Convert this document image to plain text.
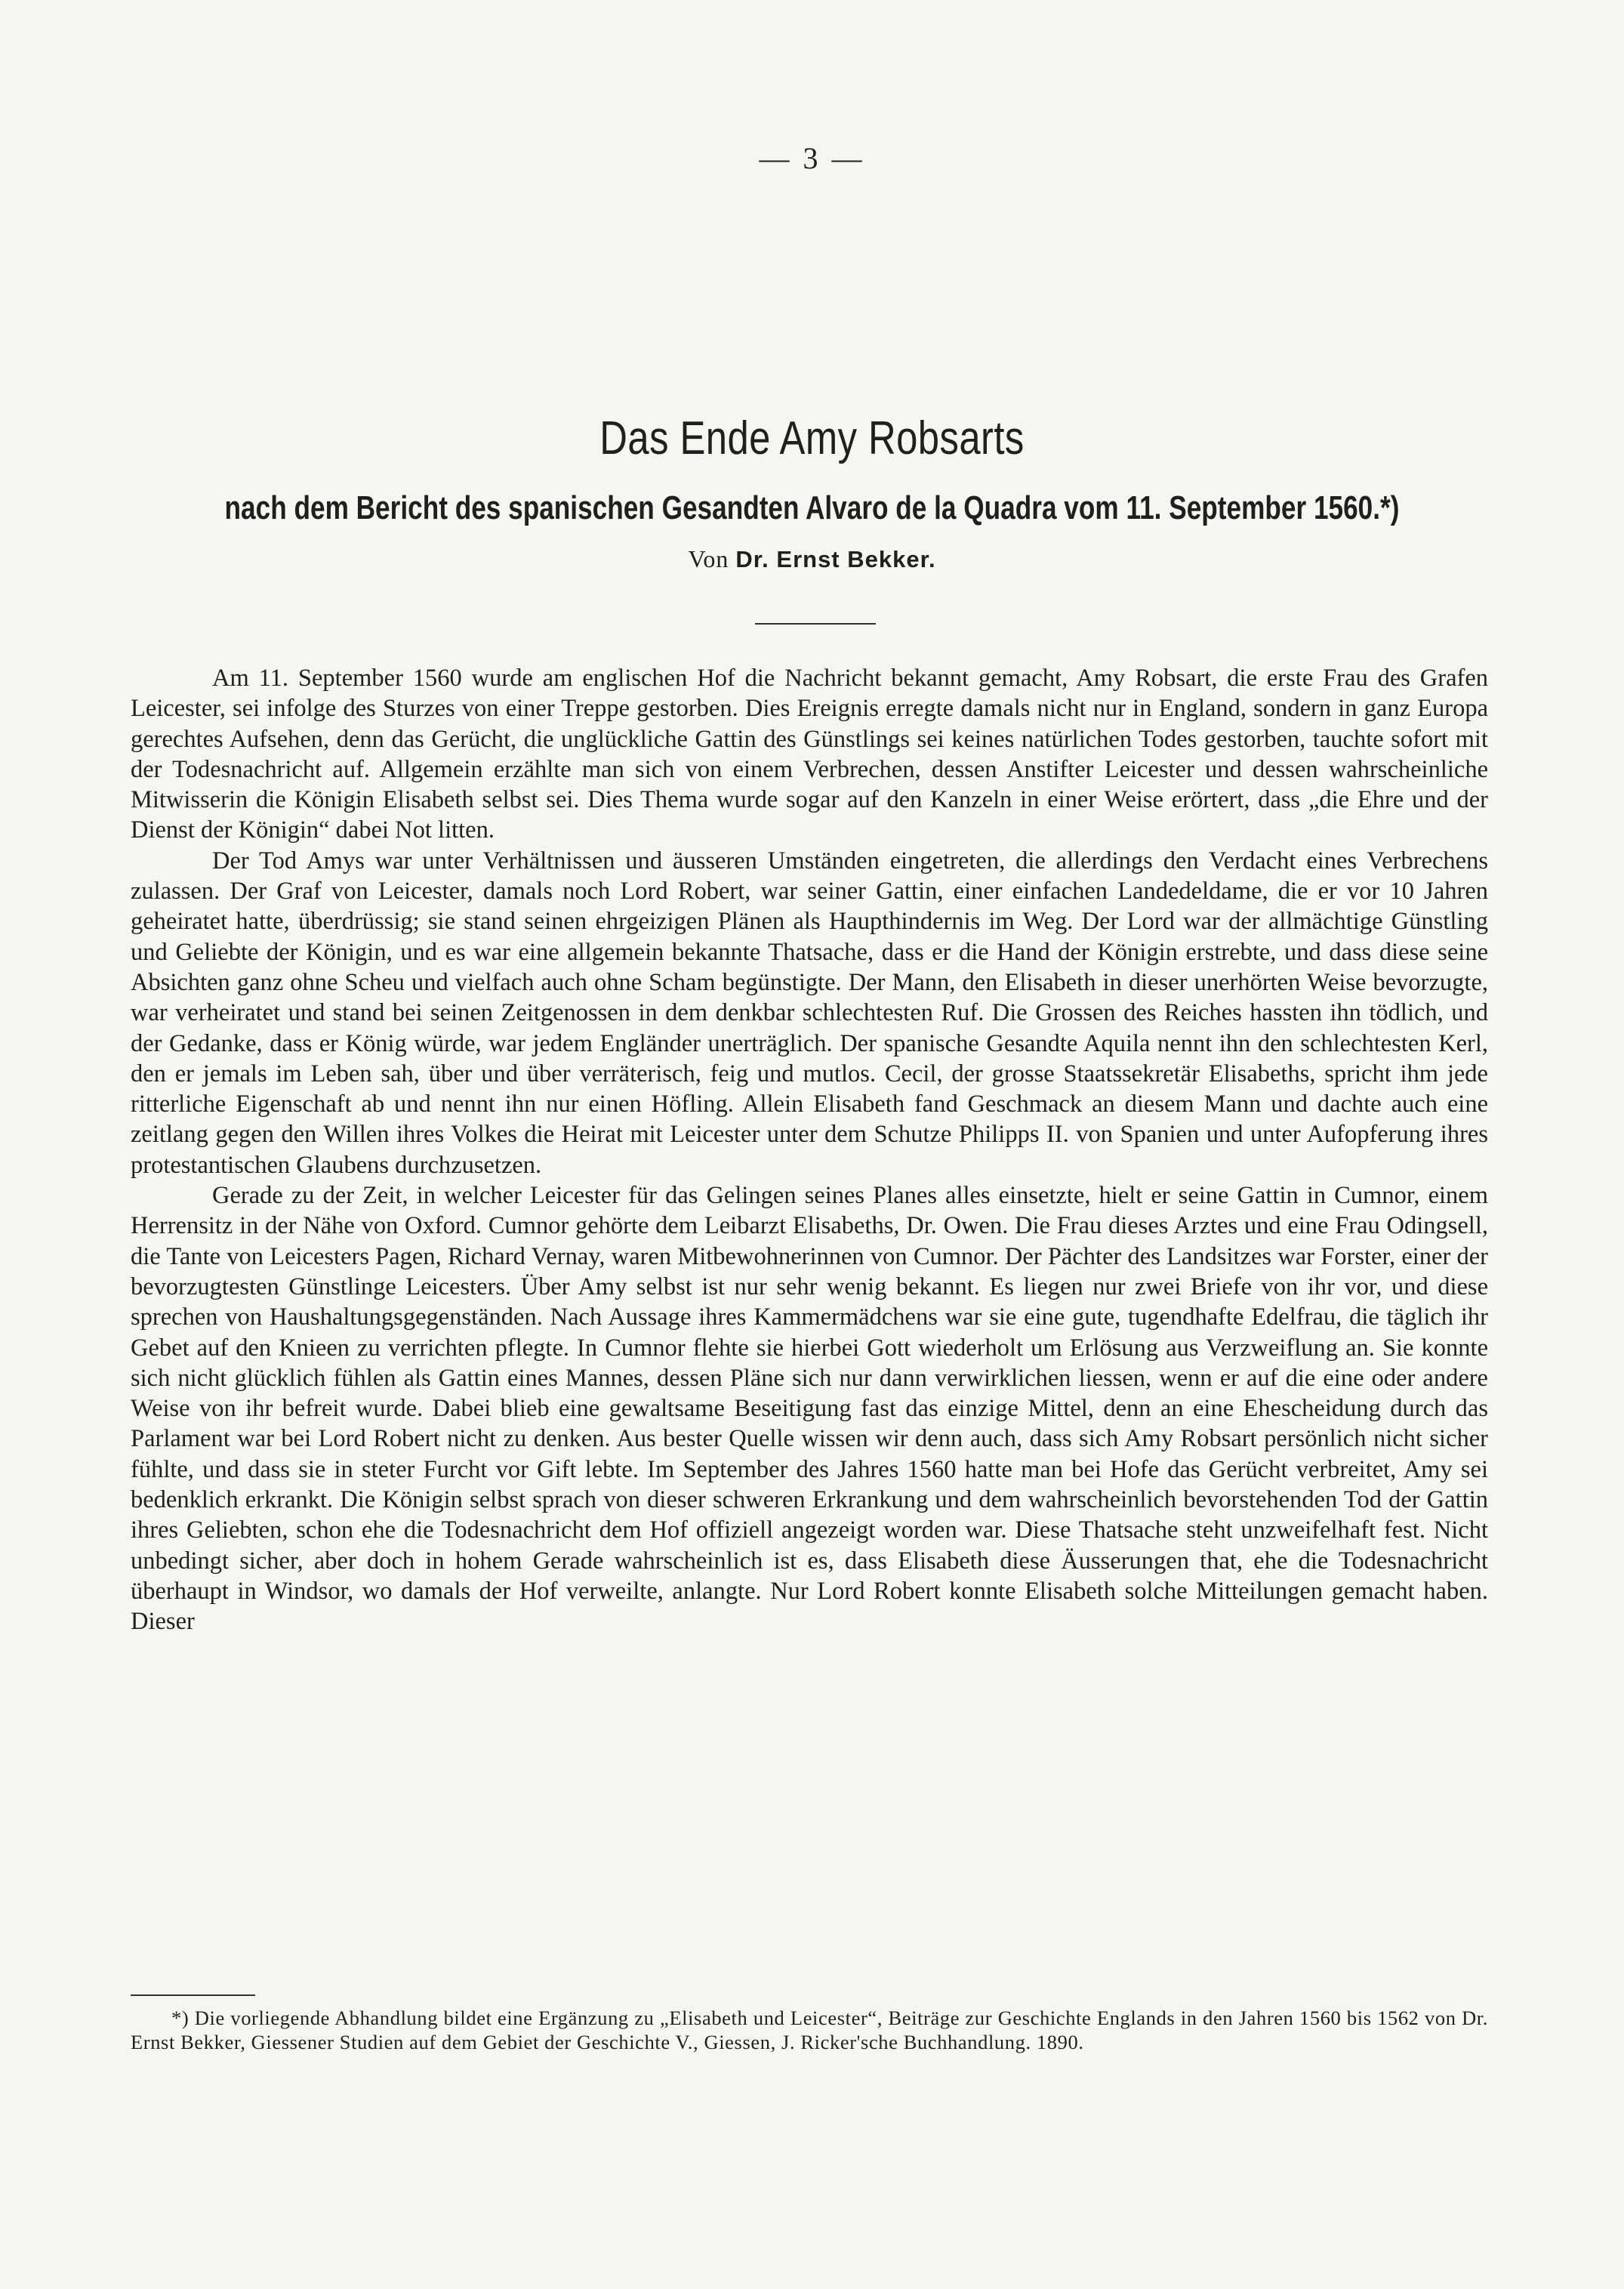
— 3 —
Das Ende Amy Robsarts
nach dem Bericht des spanischen Gesandten Alvaro de la Quadra vom 11. September 1560.*)
Von Dr. Ernst Bekker.

Am 11. September 1560 wurde am englischen Hof die Nachricht bekannt gemacht, Amy Robsart, die erste Frau des Grafen Leicester, sei infolge des Sturzes von einer Treppe gestorben. Dies Ereignis erregte damals nicht nur in England, sondern in ganz Europa gerechtes Aufsehen, denn das Gerücht, die unglückliche Gattin des Günstlings sei keines natürlichen Todes gestorben, tauchte sofort mit der Todesnachricht auf. Allgemein erzählte man sich von einem Verbrechen, dessen Anstifter Leicester und dessen wahrscheinliche Mitwisserin die Königin Elisabeth selbst sei. Dies Thema wurde sogar auf den Kanzeln in einer Weise erörtert, dass „die Ehre und der Dienst der Königin“ dabei Not litten.

Der Tod Amys war unter Verhältnissen und äusseren Umständen eingetreten, die allerdings den Verdacht eines Verbrechens zulassen. Der Graf von Leicester, damals noch Lord Robert, war seiner Gattin, einer einfachen Landedeldame, die er vor 10 Jahren geheiratet hatte, überdrüssig; sie stand seinen ehrgeizigen Plänen als Haupthindernis im Weg. Der Lord war der allmächtige Günstling und Geliebte der Königin, und es war eine allgemein bekannte Thatsache, dass er die Hand der Königin erstrebte, und dass diese seine Absichten ganz ohne Scheu und vielfach auch ohne Scham begünstigte. Der Mann, den Elisabeth in dieser unerhörten Weise bevorzugte, war verheiratet und stand bei seinen Zeitgenossen in dem denkbar schlechtesten Ruf. Die Grossen des Reiches hassten ihn tödlich, und der Gedanke, dass er König würde, war jedem Engländer unerträglich. Der spanische Gesandte Aquila nennt ihn den schlechtesten Kerl, den er jemals im Leben sah, über und über verräterisch, feig und mutlos. Cecil, der grosse Staatssekretär Elisabeths, spricht ihm jede ritterliche Eigenschaft ab und nennt ihn nur einen Höfling. Allein Elisabeth fand Geschmack an diesem Mann und dachte auch eine zeitlang gegen den Willen ihres Volkes die Heirat mit Leicester unter dem Schutze Philipps II. von Spanien und unter Aufopferung ihres protestantischen Glaubens durchzusetzen.

Gerade zu der Zeit, in welcher Leicester für das Gelingen seines Planes alles einsetzte, hielt er seine Gattin in Cumnor, einem Herrensitz in der Nähe von Oxford. Cumnor gehörte dem Leibarzt Elisabeths, Dr. Owen. Die Frau dieses Arztes und eine Frau Odingsell, die Tante von Leicesters Pagen, Richard Vernay, waren Mitbewohnerinnen von Cumnor. Der Pächter des Landsitzes war Forster, einer der bevorzugtesten Günstlinge Leicesters. Über Amy selbst ist nur sehr wenig bekannt. Es liegen nur zwei Briefe von ihr vor, und diese sprechen von Haushaltungsgegenständen. Nach Aussage ihres Kammermädchens war sie eine gute, tugendhafte Edelfrau, die täglich ihr Gebet auf den Knieen zu verrichten pflegte. In Cumnor flehte sie hierbei Gott wiederholt um Erlösung aus Verzweiflung an. Sie konnte sich nicht glücklich fühlen als Gattin eines Mannes, dessen Pläne sich nur dann verwirklichen liessen, wenn er auf die eine oder andere Weise von ihr befreit wurde. Dabei blieb eine gewaltsame Beseitigung fast das einzige Mittel, denn an eine Ehescheidung durch das Parlament war bei Lord Robert nicht zu denken. Aus bester Quelle wissen wir denn auch, dass sich Amy Robsart persönlich nicht sicher fühlte, und dass sie in steter Furcht vor Gift lebte. Im September des Jahres 1560 hatte man bei Hofe das Gerücht verbreitet, Amy sei bedenklich erkrankt. Die Königin selbst sprach von dieser schweren Erkrankung und dem wahrscheinlich bevorstehenden Tod der Gattin ihres Geliebten, schon ehe die Todesnachricht dem Hof offiziell angezeigt worden war. Diese Thatsache steht unzweifelhaft fest. Nicht unbedingt sicher, aber doch in hohem Gerade wahrscheinlich ist es, dass Elisabeth diese Äusserungen that, ehe die Todesnachricht überhaupt in Windsor, wo damals der Hof verweilte, anlangte. Nur Lord Robert konnte Elisabeth solche Mitteilungen gemacht haben. Dieser

*) Die vorliegende Abhandlung bildet eine Ergänzung zu „Elisabeth und Leicester“, Beiträge zur Geschichte Englands in den Jahren 1560 bis 1562 von Dr. Ernst Bekker, Giessener Studien auf dem Gebiet der Geschichte V., Giessen, J. Ricker'sche Buchhandlung. 1890.
